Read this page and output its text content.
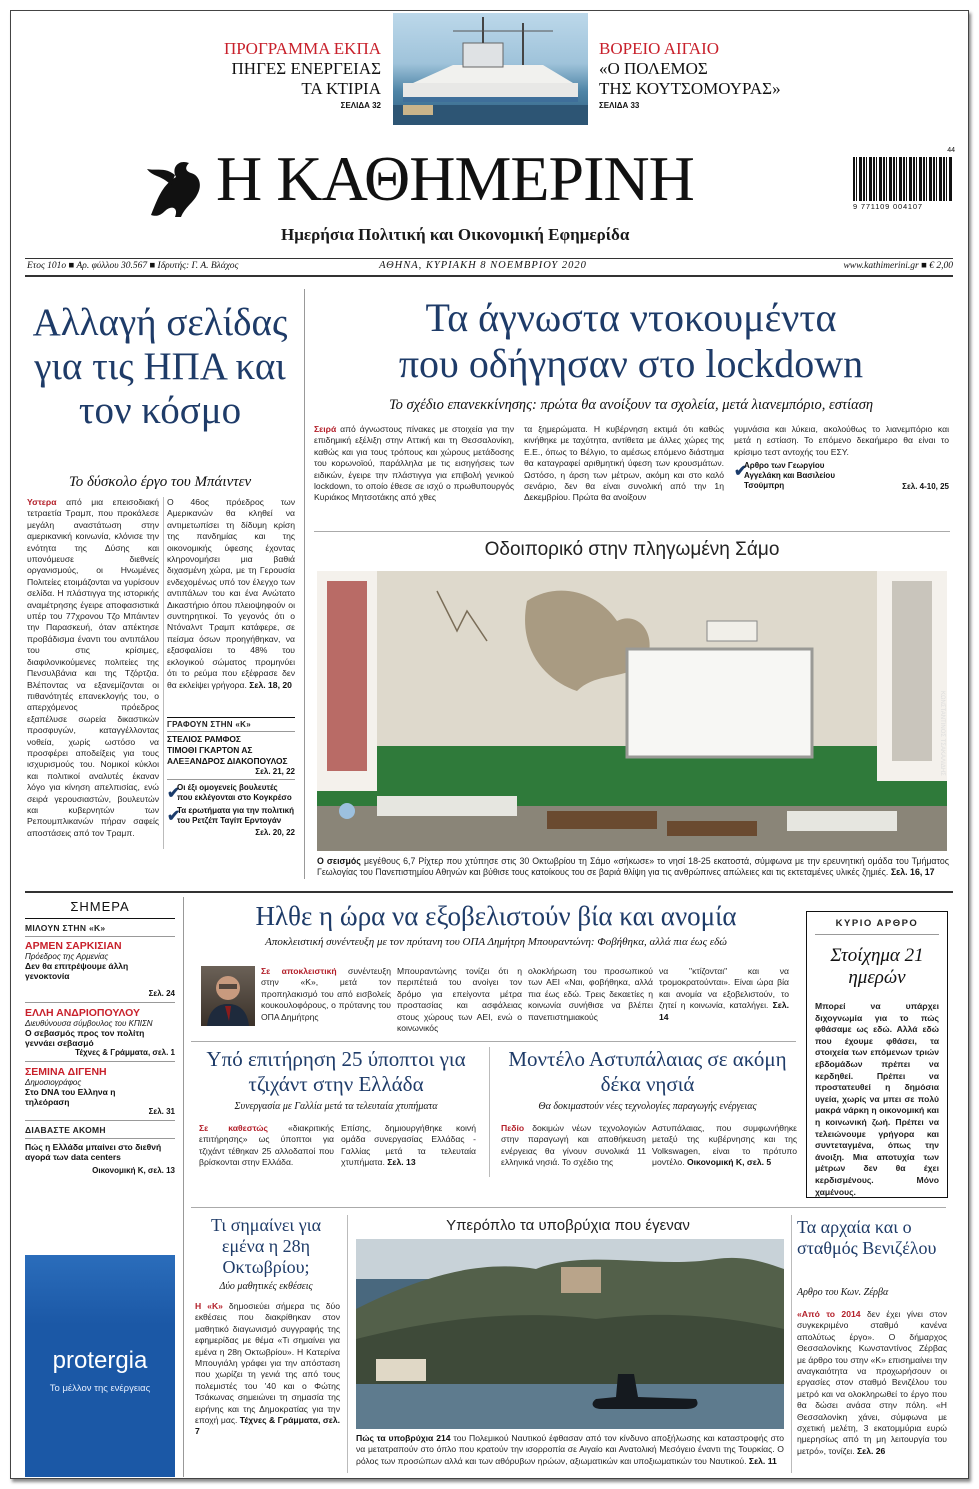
ΠΡΟΓΡΑΜΜΑ ΕΚΠΑ
ΠΗΓΕΣ ΕΝΕΡΓΕΙΑΣ
ΤΑ ΚΤΙΡΙΑ
ΣΕΛΙΔΑ 32
ΒΟΡΕΙΟ ΑΙΓΑΙΟ
«Ο ΠΟΛΕΜΟΣ
ΤΗΣ ΚΟΥΤΣΟΜΟΥΡΑΣ»
ΣΕΛΙΔΑ 33
Η ΚΑΘΗΜΕΡΙΝΗ
Ημερήσια Πολιτική και Οικονομική Εφημερίδα
44
9 771109 004107
Ετος 101ο ■ Αρ. φύλλου 30.567 ■ Ιδρυτής: Γ. Α. Βλάχος	ΑΘΗΝΑ, ΚΥΡΙΑΚΗ 8 ΝΟΕΜΒΡΙΟΥ 2020	www.kathimerini.gr ■ € 2,00
Αλλαγή σελίδας για τις ΗΠΑ και τον κόσμο
Το δύσκολο έργο του Μπάιντεν
Υστερα από μια επεισοδιακή τετραετία Τραμπ, που προκάλεσε μεγάλη αναστάτωση στην αμερικανική κοινωνία, κλόνισε την ενότητα της Δύσης και υπονόμευσε διεθνείς οργανισμούς, οι Ηνωμένες Πολιτείες ετοιμάζονται να γυρίσουν σελίδα. Η πλάστιγγα της ιστορικής αναμέτρησης έγειρε αποφασιστικά υπέρ του 77χρονου Τζο Μπάιντεν την Παρασκευή, όταν απέκτησε προβάδισμα έναντι του αντιπάλου του στις κρίσιμες, διαφιλονικούμενες πολιτείες της Πενσυλβάνια και της Τζόρτζια. Βλέποντας να εξανεμίζονται οι πιθανότητές επανεκλογής του, ο απερχόμενος πρόεδρος εξαπέλυσε σωρεία δικαστικών προσφυγών, καταγγέλλοντας νοθεία, χωρίς ωστόσο να προσφέρει αποδείξεις για τους ισχυρισμούς του. Νομικοί κύκλοι και πολιτικοί αναλυτές έκαναν λόγο για κίνηση απελπισίας, ενώ σειρά γερουσιαστών, βουλευτών και κυβερνητών των Ρεπουμπλικανών πήραν σαφείς αποστάσεις από τον Τραμπ.
Ο 46ος πρόεδρος των Αμερικανών θα κληθεί να αντιμετωπίσει τη δίδυμη κρίση της πανδημίας και της οικονομικής ύφεσης έχοντας κληρονομήσει μια βαθιά διχασμένη χώρα, με τη Γερουσία ενδεχομένως υπό τον έλεγχο των αντιπάλων του και ένα Ανώτατο Δικαστήριο όπου πλειοψηφούν οι συντηρητικοί. Το γεγονός ότι ο Ντόναλντ Τραμπ κατάφερε, σε πείσμα όσων προηγήθηκαν, να εξασφαλίσει το 48% του εκλογικού σώματος προμηνύει ότι το ρεύμα που εξέφρασε δεν θα εκλείψει γρήγορα. Σελ. 18, 20
ΓΡΑΦΟΥΝ ΣΤΗΝ «Κ»
ΣΤΕΛΙΟΣ ΡΑΜΦΟΣ
ΤΙΜΟΘΙ ΓΚΑΡΤΟΝ ΑΣ
ΑΛΕΞΑΝΔΡΟΣ ΔΙΑΚΟΠΟΥΛΟΣ
Σελ. 21, 22
✔
Οι έξι ομογενείς βουλευτές που εκλέγονται στο Κογκρέσο
✔
Τα ερωτήματα για την πολιτική του Ρετζέπ Ταγίπ Ερντογάν
Σελ. 20, 22
Τα άγνωστα ντοκουμέντα
που οδήγησαν στο lockdown
Το σχέδιο επανεκκίνησης: πρώτα θα ανοίξουν τα σχολεία, μετά λιανεμπόριο, εστίαση
Σειρά από άγνωστους πίνακες με στοιχεία για την επιδημική εξέλιξη στην Αττική και τη Θεσσαλονίκη, καθώς και για τους τρόπους και χώρους μετάδοσης του κορωνοϊού, παράλληλα με τις εισηγήσεις των ειδικών, έγειρε την πλάστιγγα για επιβολή γενικού lockdown, το οποίο έθεσε σε ισχύ ο πρωθυπουργός Κυριάκος Μητσοτάκης από χθες
τα ξημερώματα. Η κυβέρνηση εκτιμά ότι καθώς κινήθηκε με ταχύτητα, αντίθετα με άλλες χώρες της Ε.Ε., όπως το Βέλγιο, το αμέσως επόμενο διάστημα θα καταγραφεί αριθμητική ύφεση των κρουσμάτων. Ωστόσο, η άρση των μέτρων, ακόμη και στο καλό σενάριο, δεν θα είναι συνολική από την 1η Δεκεμβρίου. Πρώτα θα ανοίξουν
γυμνάσια και λύκεια, ακολούθως το λιανεμπόριο και μετά η εστίαση. Το επόμενο δεκαήμερο θα είναι το κρίσιμο τεστ αντοχής του ΕΣΥ.
✔
Αρθρο των Γεωργίου Αγγελάκη και Βασιλείου Τσούμπρη	Σελ. 4-10, 25
Οδοιπορικό στην πληγωμένη Σάμο
ΚΩΝΣΤΑΝΤΙΝΟΣ ΤΣΑΚΑΛΙΔΗΣ
Ο σεισμός μεγέθους 6,7 Ρίχτερ που χτύπησε στις 30 Οκτωβρίου τη Σάμο «σήκωσε» το νησί 18-25 εκατοστά, σύμφωνα με την ερευνητική ομάδα του Τμήματος Γεωλογίας του Πανεπιστημίου Αθηνών και βύθισε τους κατοίκους του σε βαριά θλίψη για τις ανθρώπινες απώλειες και τις εκτεταμένες υλικές ζημιές. Σελ. 16, 17
ΣΗΜΕΡΑ
ΜΙΛΟΥΝ ΣΤΗΝ «Κ»
ΑΡΜΕΝ ΣΑΡΚΙΣΙΑΝ
Πρόεδρος της Αρμενίας
Δεν θα επιτρέψουμε άλλη γενοκτονία
Σελ. 24
ΕΛΛΗ ΑΝΔΡΙΟΠΟΥΛΟΥ
Διευθύνουσα σύμβουλος του ΚΠΙΣΝ
Ο σεβασμός προς τον πολίτη γεννάει σεβασμό
Τέχνες & Γράμματα, σελ. 1
ΣΕΜΙΝΑ ΔΙΓΕΝΗ
Δημοσιογράφος
Στο DNA του Ελληνα η τηλεόραση
Σελ. 31
ΔΙΑΒΑΣΤΕ ΑΚΟΜΗ
Πώς η Ελλάδα μπαίνει στο διεθνή αγορά των data centers
Οικονομική Κ, σελ. 13
protergia
Το μέλλον της ενέργειας
Ηλθε η ώρα να εξοβελιστούν βία και ανομία
Αποκλειστική συνέντευξη με τον πρύτανη του ΟΠΑ Δημήτρη Μπουραντώνη: Φοβήθηκα, αλλά πια έως εδώ
Σε αποκλειστική συνέντευξη στην «Κ», μετά τον προπηλακισμό του από εισβολείς κουκουλοφόρους, ο πρύτανης του ΟΠΑ Δημήτρης
Μπουραντώνης τονίζει ότι η περιπέτειά του ανοίγει τον δρόμο για επείγοντα μέτρα προστασίας και ασφάλειας στους χώρους των ΑΕΙ, ενώ ο κοινωνικός
ολοκλήρωση του προσωπικού των ΑΕΙ «Ναι, φοβήθηκα, αλλά πια έως εδώ. Τρεις δεκαετίες η κοινωνία συνήθισε να βλέπει πανεπιστημιακούς
να "κτίζονται" και να τρομοκρατούνται». Είναι ώρα βία και ανομία να εξοβελιστούν, το ζητεί η κοινωνία, καταλήγει. Σελ. 14
ΚΥΡΙΟ ΑΡΘΡΟ
Στοίχημα 21 ημερών
Μπορεί να υπάρχει διχογνωμία για το πώς φθάσαμε ως εδώ. Αλλά εδώ που έχουμε φθάσει, τα στοιχεία των επόμενων τριών εβδομάδων πρέπει να κερδηθεί. Πρέπει να προστατευθεί η δημόσια υγεία, χωρίς να μπει σε πολύ μακρά νάρκη η οικονομική και η κοινωνική ζωή. Πρέπει να τελειώνουμε γρήγορα και συντεταγμένα, όπως την άνοιξη. Μια αποτυχία των μέτρων δεν θα έχει κερδισμένους. Μόνο χαμένους.
Υπό επιτήρηση 25 ύποπτοι για τζιχάντ στην Ελλάδα
Συνεργασία με Γαλλία μετά τα τελευταία χτυπήματα
Σε καθεστώς «διακριτικής επιτήρησης» ως ύποπτοι για τζιχάντ τέθηκαν 25 αλλοδαποί που βρίσκονται στην Ελλάδα.
Επίσης, δημιουργήθηκε κοινή ομάδα συνεργασίας Ελλάδας - Γαλλίας μετά τα τελευταία χτυπήματα. Σελ. 13
Μοντέλο Αστυπάλαιας σε ακόμη δέκα νησιά
Θα δοκιμαστούν νέες τεχνολογίες παραγωγής ενέργειας
Πεδίο δοκιμών νέων τεχνολογιών στην παραγωγή και αποθήκευση ενέργειας θα γίνουν συνολικά 11 ελληνικά νησιά. Το σχέδιο της
Αστυπάλαιας, που συμφωνήθηκε μεταξύ της κυβέρνησης και της Volkswagen, είναι το πρότυπο μοντέλο. Οικονομική Κ, σελ. 5
Τι σημαίνει για εμένα η 28η Οκτωβρίου;
Δύο μαθητικές εκθέσεις
Η «Κ» δημοσιεύει σήμερα τις δύο εκθέσεις που διακρίθηκαν στον μαθητικό διαγωνισμό συγγραφής της εφημερίδας με θέμα «Τι σημαίνει για εμένα η 28η Οκτωβρίου». Η Κατερίνα Μπουγιάλη γράφει για την απόσταση που χωρίζει τη γενιά της από τους πολεμιστές του '40 και ο Φώτης Τσάκωνας σημειώνει τη σημασία της ειρήνης και της Δημοκρατίας για την εποχή μας. Τέχνες & Γράμματα, σελ. 7
Υπερόπλο τα υποβρύχια που έγεναν
Πώς τα υποβρύχια 214 του Πολεμικού Ναυτικού έφθασαν από τον κίνδυνο αποξήλωσης και καταστροφής στο να μετατραπούν στο όπλο που κρατούν την ισορροπία σε Αιγαίο και Ανατολική Μεσόγειο έναντι της Τουρκίας. Ο ρόλος των προσώπων αλλά και των αθόρυβων ηρώων, αξιωματικών και υποξιωματικών του Ναυτικού. Σελ. 11
Τα αρχαία και ο σταθμός Βενιζέλου
Αρθρο του Κων. Ζέρβα
«Από το 2014 δεν έχει γίνει στον συγκεκριμένο σταθμό κανένα απολύτως έργο». Ο δήμαρχος Θεσσαλονίκης Κωνσταντίνος Ζέρβας με άρθρο του στην «Κ» επισημαίνει την αναγκαιότητα να προχωρήσουν οι εργασίες στον σταθμό Βενιζέλου του μετρό και να ολοκληρωθεί το έργο που θα δώσει ανάσα στην πόλη. «Η Θεσσαλονίκη χάνει, σύμφωνα με σχετική μελέτη, 3 εκατομμύρια ευρώ ημερησίως από τη μη λειτουργία του μετρό», τονίζει. Σελ. 26
